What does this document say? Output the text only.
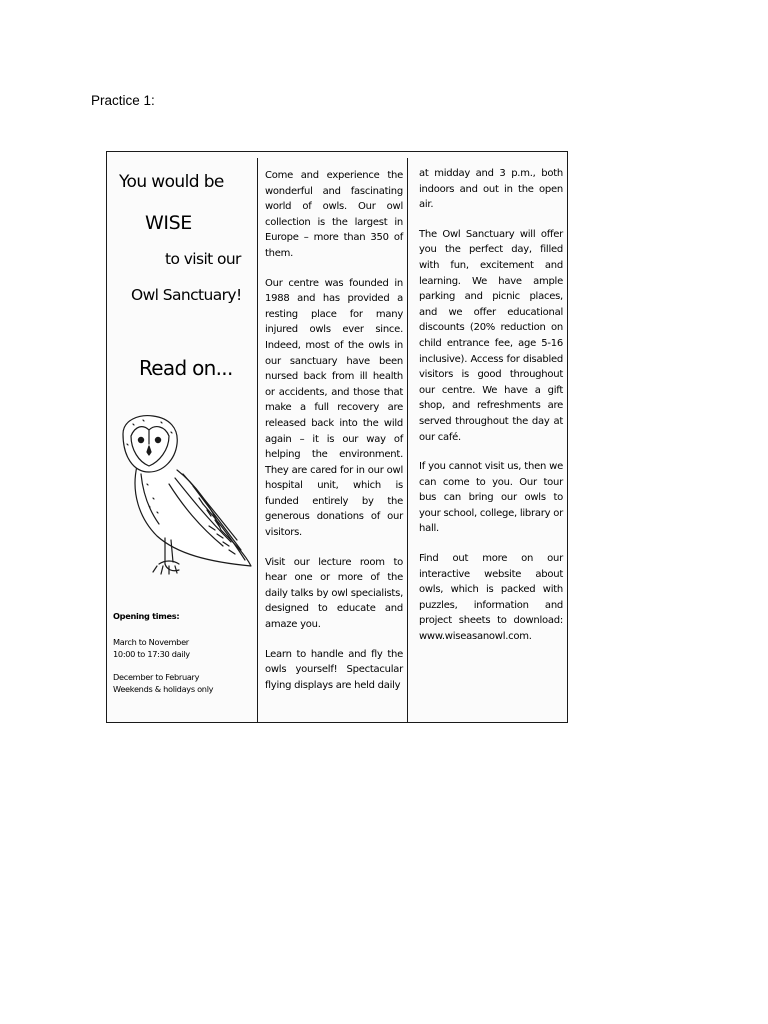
Practice 1:
You would be
WISE
to visit our
Owl Sanctuary!
Read on...
Opening times:
March to November
10:00 to 17:30 daily
December to February
Weekends & holidays only

Come and experience the wonderful and fascinating world of owls. Our owl collection is the largest in Europe – more than 350 of them.

Our centre was founded in 1988 and has provided a resting place for many injured owls ever since. Indeed, most of the owls in our sanctuary have been nursed back from ill health or accidents, and those that make a full recovery are released back into the wild again – it is our way of helping the environment. They are cared for in our owl hospital unit, which is funded entirely by the generous donations of our visitors.

Visit our lecture room to hear one or more of the daily talks by owl specialists, designed to educate and amaze you.

Learn to handle and fly the owls yourself! Spectacular flying displays are held daily

at midday and 3 p.m., both indoors and out in the open air.

The Owl Sanctuary will offer you the perfect day, filled with fun, excitement and learning. We have ample parking and picnic places, and we offer educational discounts (20% reduction on child entrance fee, age 5-16 inclusive). Access for disabled visitors is good throughout our centre. We have a gift shop, and refreshments are served throughout the day at our café.

If you cannot visit us, then we can come to you. Our tour bus can bring our owls to your school, college, library or hall.

Find out more on our interactive website about owls, which is packed with puzzles, information and project sheets to download: www.wiseasanowl.com.
